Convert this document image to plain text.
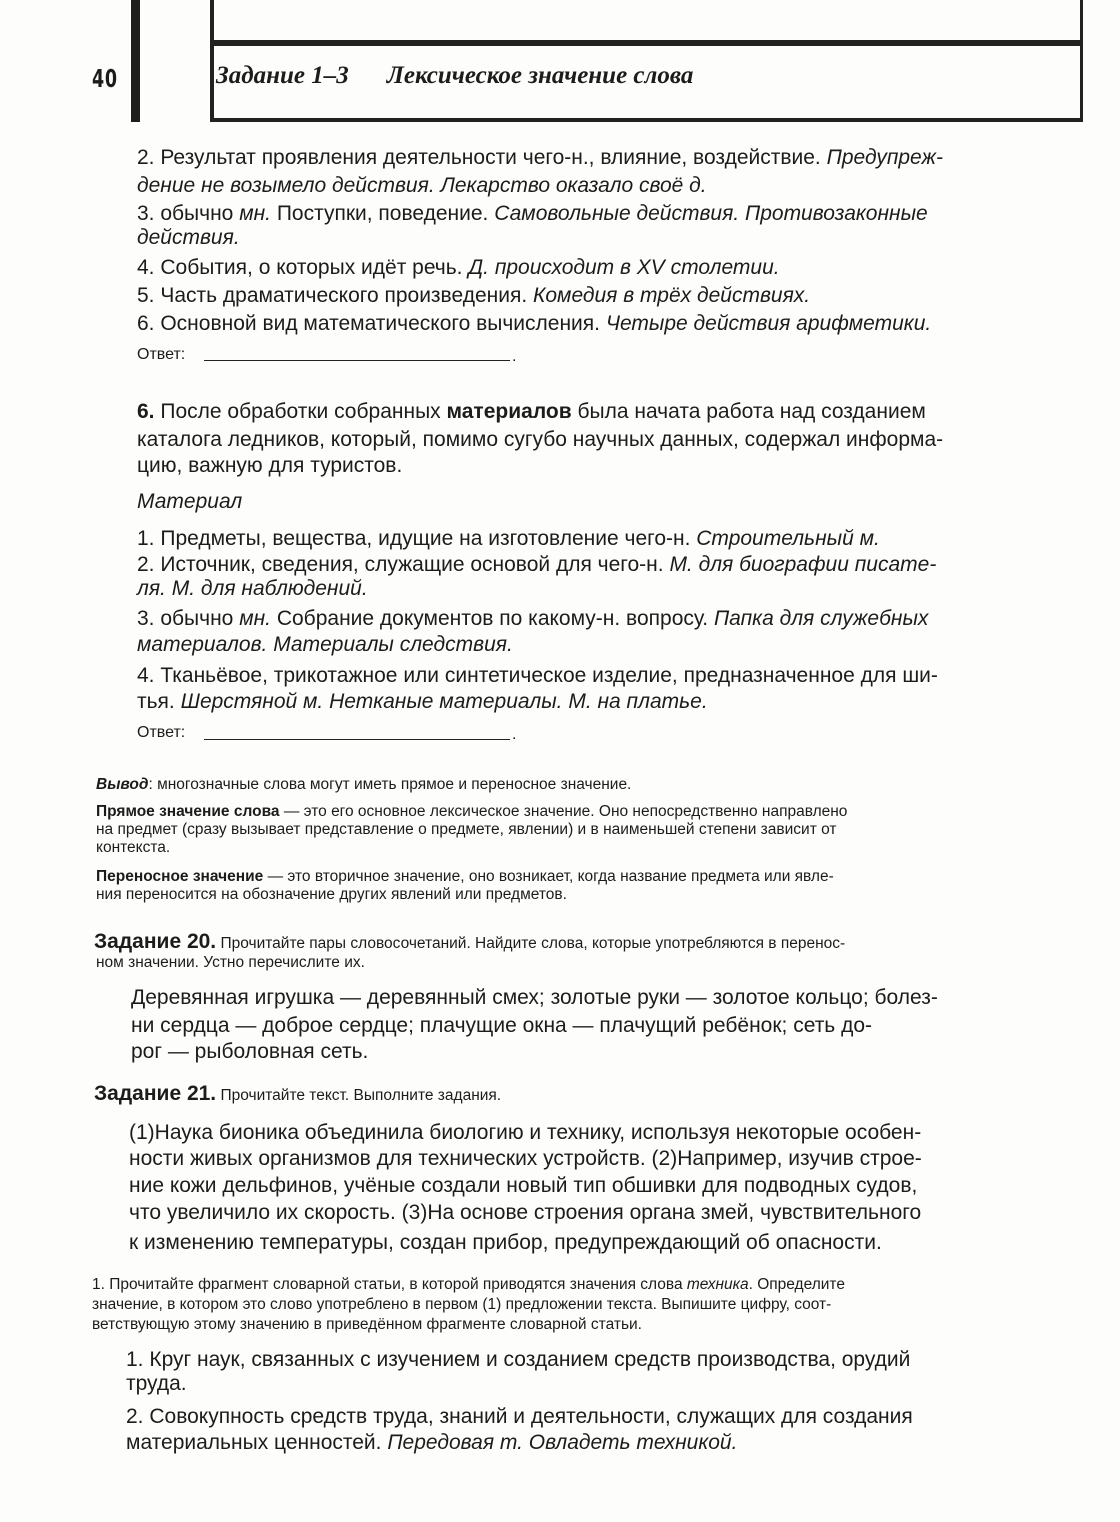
40	Задание 1–3 Лексическое значение слова
2. Результат проявления деятельности чего-н., влияние, воздействие. Предупреж-
дение не возымело действия. Лекарство оказало своё д.
3. обычно мн. Поступки, поведение. Самовольные действия. Противозаконные
действия.
4. События, о которых идёт речь. Д. происходит в XV столетии.
5. Часть драматического произведения. Комедия в трёх действиях.
6. Основной вид математического вычисления. Четыре действия арифметики.
Ответ:	.
6. После обработки собранных материалов была начата работа над созданием
каталога ледников, который, помимо сугубо научных данных, содержал информа-
цию, важную для туристов.
Материал
1. Предметы, вещества, идущие на изготовление чего-н. Строительный м.
2. Источник, сведения, служащие основой для чего-н. М. для биографии писате-
ля. М. для наблюдений.
3. обычно мн. Собрание документов по какому-н. вопросу. Папка для служебных
материалов. Материалы следствия.
4. Тканьёвое, трикотажное или синтетическое изделие, предназначенное для ши-
тья. Шерстяной м. Нетканые материалы. М. на платье.
Ответ:	.
Вывод: многозначные слова могут иметь прямое и переносное значение.
Прямое значение слова — это его основное лексическое значение. Оно непосредственно направлено
на предмет (сразу вызывает представление о предмете, явлении) и в наименьшей степени зависит от
контекста.
Переносное значение — это вторичное значение, оно возникает, когда название предмета или явле-
ния переносится на обозначение других явлений или предметов.
Задание 20. Прочитайте пары словосочетаний. Найдите слова, которые употребляются в перенос-
ном значении. Устно перечислите их.
Деревянная игрушка — деревянный смех; золотые руки — золотое кольцо; болез-
ни сердца — доброе сердце; плачущие окна — плачущий ребёнок; сеть до-
рог — рыболовная сеть.
Задание 21. Прочитайте текст. Выполните задания.
(1)Наука бионика объединила биологию и технику, используя некоторые особен-
ности живых организмов для технических устройств. (2)Например, изучив строе-
ние кожи дельфинов, учёные создали новый тип обшивки для подводных судов,
что увеличило их скорость. (3)На основе строения органа змей, чувствительного
к изменению температуры, создан прибор, предупреждающий об опасности.
1. Прочитайте фрагмент словарной статьи, в которой приводятся значения слова техника. Определите
значение, в котором это слово употреблено в первом (1) предложении текста. Выпишите цифру, соот-
ветствующую этому значению в приведённом фрагменте словарной статьи.
1. Круг наук, связанных с изучением и созданием средств производства, орудий
труда.
2. Совокупность средств труда, знаний и деятельности, служащих для создания
материальных ценностей. Передовая т. Овладеть техникой.
